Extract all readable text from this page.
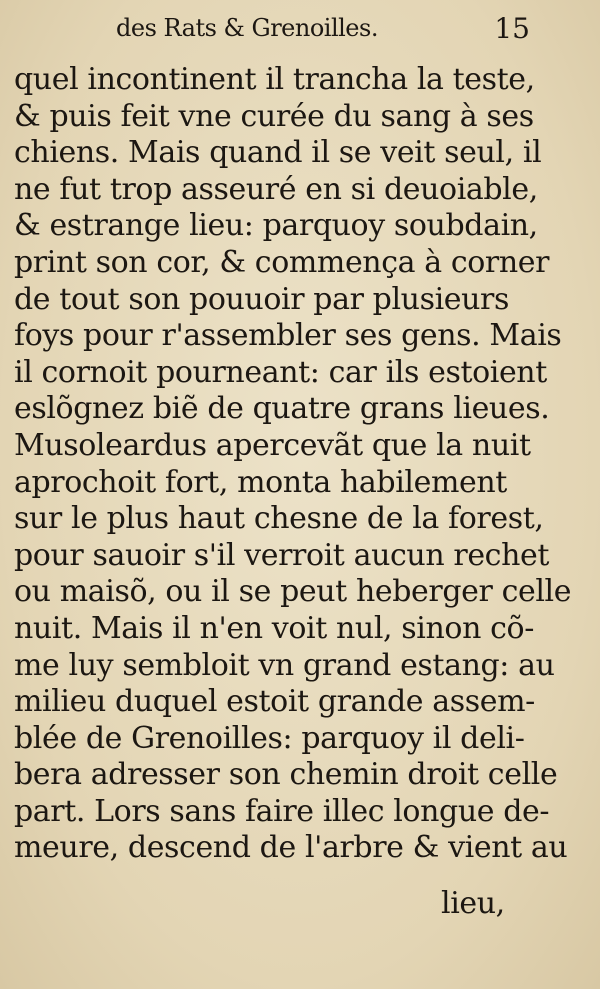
des Rats & Grenoilles.	15
quel incontinent il trancha la teste,
& puis feit vne curée du sang à ses
chiens. Mais quand il se veit seul, il
ne fut trop asseuré en si deuoiable,
& estrange lieu: parquoy soubdain,
print son cor, & commença à corner
de tout son pouuoir par plusieurs
foys pour r'assembler ses gens. Mais
il cornoit pourneant: car ils estoient
eslõgnez biẽ de quatre grans lieues.
Musoleardus apercevãt que la nuit
aprochoit fort, monta habilement
sur le plus haut chesne de la forest,
pour sauoir s'il verroit aucun rechet
ou maisõ, ou il se peut heberger celle
nuit. Mais il n'en voit nul, sinon cõ-
me luy sembloit vn grand estang: au
milieu duquel estoit grande assem-
blée de Grenoilles: parquoy il deli-
bera adresser son chemin droit celle
part. Lors sans faire illec longue de-
meure, descend de l'arbre & vient au
lieu,
